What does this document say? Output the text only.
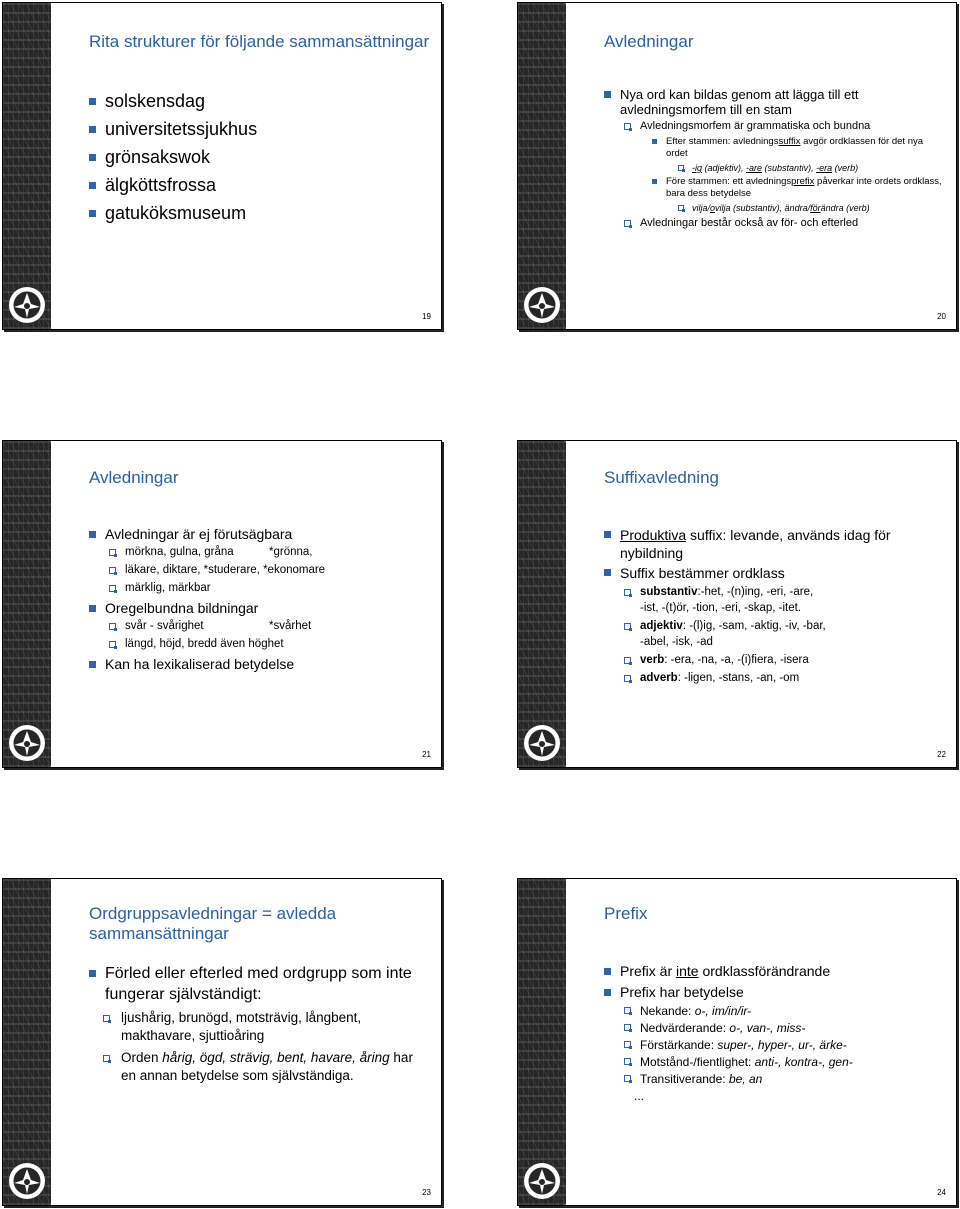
Rita strukturer för följande sammansättningar
solskensdag
universitetssjukhus
grönsakswok
älgköttsfrossa
gatuköksmuseum
19
Avledningar
Nya ord kan bildas genom att lägga till ett avledningsmorfem till en stam
Avledningsmorfem är grammatiska och bundna
Efter stammen: avledningssuffix avgör ordklassen för det nya ordet
-ig (adjektiv), -are (substantiv), -era (verb)
Före stammen: ett avledningsprefix påverkar inte ordets ordklass, bara dess betydelse
vilja/ovilja (substantiv), ändra/förändra (verb)
Avledningar består också av för- och efterled
20
Avledningar
Avledningar är ej förutsägbara
mörkna, gulna, gråna	*grönna,
läkare, diktare, *studerare, *ekonomare
märklig, märkbar
Oregelbundna bildningar
svår - svårighet	*svårhet
längd, höjd, bredd även höghet
Kan ha lexikaliserad betydelse
21
Suffixavledning
Produktiva suffix: levande, används idag för nybildning
Suffix bestämmer ordklass
substantiv:-het, -(n)ing, -eri, -are,
-ist, -(t)ör, -tion, -eri, -skap, -itet.
adjektiv: -(l)ig, -sam, -aktig, -iv, -bar,
-abel, -isk, -ad
verb: -era, -na, -a, -(i)fiera, -isera
adverb: -ligen, -stans, -an, -om
22
Ordgruppsavledningar = avledda sammansättningar
Förled eller efterled med ordgrupp som inte fungerar självständigt:
ljushårig, brunögd, motsträvig, långbent, makthavare, sjuttioåring
Orden hårig, ögd, strävig, bent, havare, åring har en annan betydelse som självständiga.
23
Prefix
Prefix är inte ordklassförändrande
Prefix har betydelse
Nekande: o-, im/in/ir-
Nedvärderande: o-, van-, miss-
Förstärkande: super-, hyper-, ur-, ärke-
Motstånd-/fientlighet: anti-, kontra-, gen-
Transitiverande: be, an
...
24
